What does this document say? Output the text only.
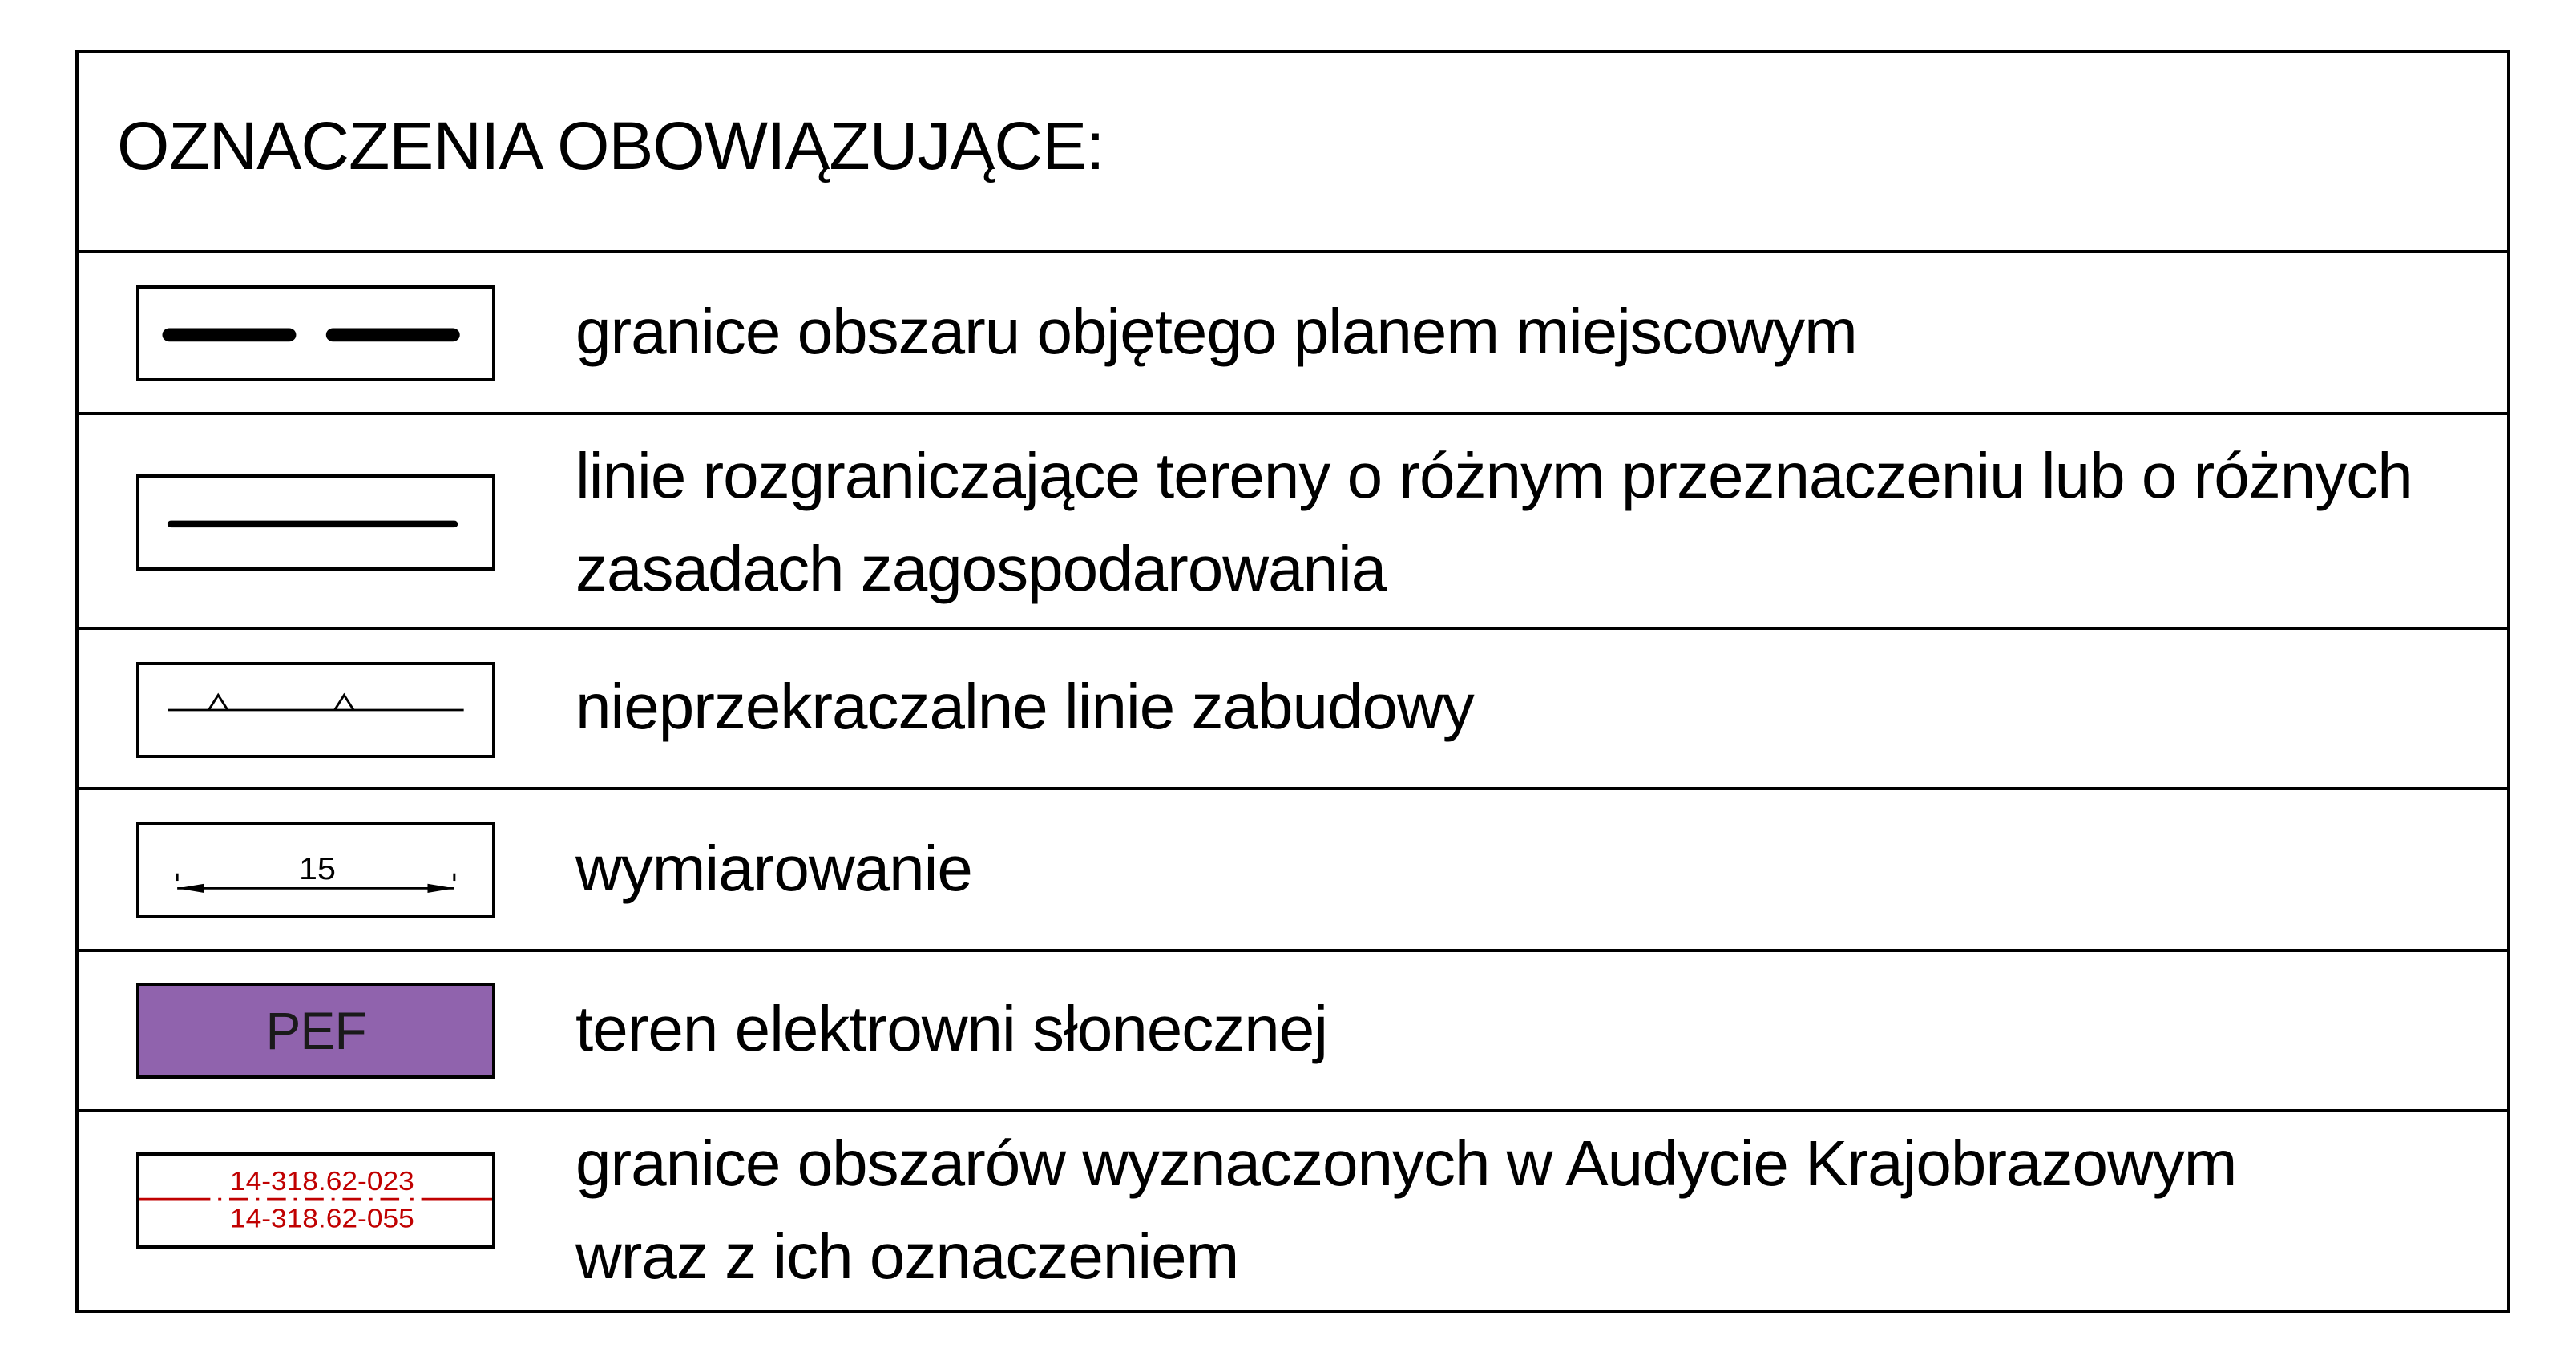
OZNACZENIA OBOWIĄZUJĄCE:
granice obszaru objętego planem miejscowym
linie rozgraniczające tereny o różnym przeznaczeniu lub o różnych
zasadach zagospodarowania
nieprzekraczalne linie zabudowy
15	wymiarowanie
PEF	teren elektrowni słonecznej
14-318.62-023
14-318.62-055
granice obszarów wyznaczonych w Audycie Krajobrazowym
wraz z ich oznaczeniem
